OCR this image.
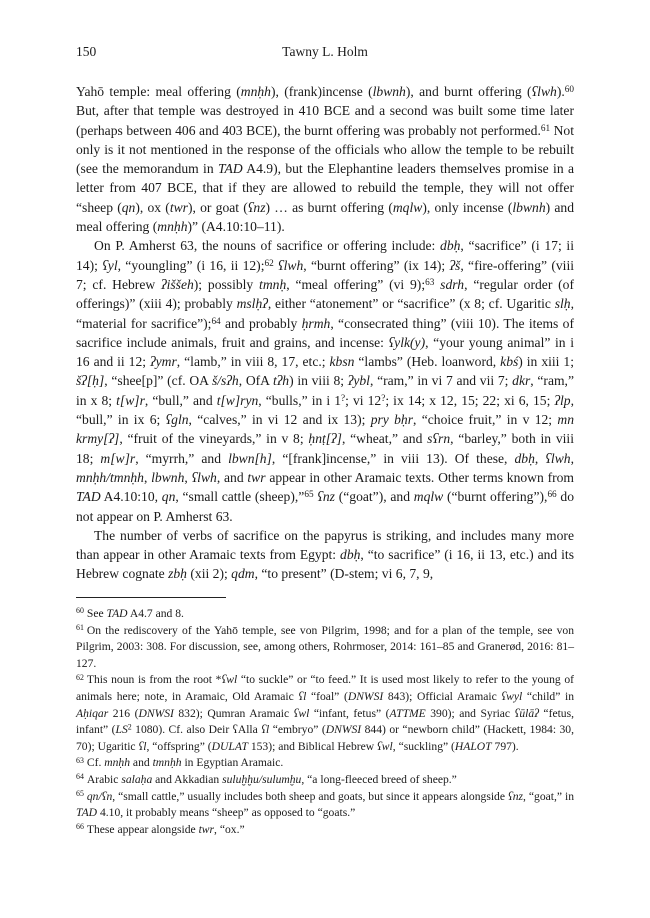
150	Tawny L. Holm

Yahō temple: meal offering (mnḥh), (frank)incense (lbwnh), and burnt offering (ʕlwh).$^{60}$ But, after that temple was destroyed in 410 BCE and a second was built some time later (perhaps between 406 and 403 BCE), the burnt offering was probably not performed.$^{61}$ Not only is it not mentioned in the response of the officials who allow the temple to be rebuilt (see the memorandum in TAD A4.9), but the Elephantine leaders themselves promise in a letter from 407 BCE, that if they are allowed to rebuild the temple, they will not offer “sheep (qn), ox (twr), or goat (ʕnz) … as burnt offering (mqlw), only incense (lbwnh) and meal offering (mnḥh)” (A4.10:10–11).

On P. Amherst 63, the nouns of sacrifice or offering include: dbḥ, “sacrifice” (i 17; ii 14); ʕyl, “youngling” (i 16, ii 12);$^{62}$ ʕlwh, “burnt offering” (ix 14); ʔš, “fire-offering” (viii 7; cf. Hebrew ʔiššeh); possibly tmnḥ, “meal offering” (vi 9);$^{63}$ sdrh, “regular order (of offerings)” (xiii 4); probably mslḥʔ, either “atonement” or “sacrifice” (x 8; cf. Ugaritic slḥ, “material for sacrifice”);$^{64}$ and probably ḥrmh, “consecrated thing” (viii 10). The items of sacrifice include animals, fruit and grains, and incense: ʕylk(y), “your young animal” in i 16 and ii 12; ʔymr, “lamb,” in viii 8, 17, etc.; kbsn “lambs” (Heb. loanword, kbś) in xiii 1; šʔ[ḥ], “shee[p]” (cf. OA š/sʔh, OfA tʔh) in viii 8; ʔybl, “ram,” in vi 7 and vii 7; dkr, “ram,” in x 8; t[w]r, “bull,” and t[w]ryn, “bulls,” in i 1?; vi 12?; ix 14; x 12, 15; 22; xi 6, 15; ʔlp, “bull,” in ix 6; ʕgln, “calves,” in vi 12 and ix 13); pry bḥr, “choice fruit,” in v 12; mn krmy[ʔ], “fruit of the vineyards,” in v 8; ḥnṭ[ʔ], “wheat,” and sʕrn, “barley,” both in viii 18; m[w]r, “myrrh,” and lbwn[h], “[frank]incense,” in viii 13). Of these, dbḥ, ʕlwh, mnḥh/tmnḥh, lbwnh, ʕlwh, and twr appear in other Aramaic texts. Other terms known from TAD A4.10:10, qn, “small cattle (sheep),”$^{65}$ ʕnz (“goat”), and mqlw (“burnt offering”),$^{66}$ do not appear on P. Amherst 63.

The number of verbs of sacrifice on the papyrus is striking, and includes many more than appear in other Aramaic texts from Egypt: dbḥ, “to sacrifice” (i 16, ii 13, etc.) and its Hebrew cognate zbḥ (xii 2); qdm, “to present” (D-stem; vi 6, 7, 9,

$^{60}$ See TAD A4.7 and 8.

$^{61}$ On the rediscovery of the Yahō temple, see von Pilgrim, 1998; and for a plan of the temple, see von Pilgrim, 2003: 308. For discussion, see, among others, Rohrmoser, 2014: 161–85 and Granerød, 2016: 81–127.

$^{62}$ This noun is from the root *ʕwl “to suckle” or “to feed.” It is used most likely to refer to the young of animals here; note, in Aramaic, Old Aramaic ʕl “foal” (DNWSI 843); Official Aramaic ʕwyl “child” in Aḥiqar 216 (DNWSI 832); Qumran Aramaic ʕwl “infant, fetus” (ATTME 390); and Syriac ʕūlāʔ “fetus, infant” (LS$^2$ 1080). Cf. also Deir ʕAlla ʕl “embryo” (DNWSI 844) or “newborn child” (Hackett, 1984: 30, 70); Ugaritic ʕl, “offspring” (DULAT 153); and Biblical Hebrew ʕwl, “suckling” (HALOT 797).

$^{63}$ Cf. mnḥh and tmnḥh in Egyptian Aramaic.

$^{64}$ Arabic salaḥa and Akkadian suluḫḫu/sulumḫu, “a long-fleeced breed of sheep.”

$^{65}$ qn/ʕn, “small cattle,” usually includes both sheep and goats, but since it appears alongside ʕnz, “goat,” in TAD 4.10, it probably means “sheep” as opposed to “goats.”

$^{66}$ These appear alongside twr, “ox.”
